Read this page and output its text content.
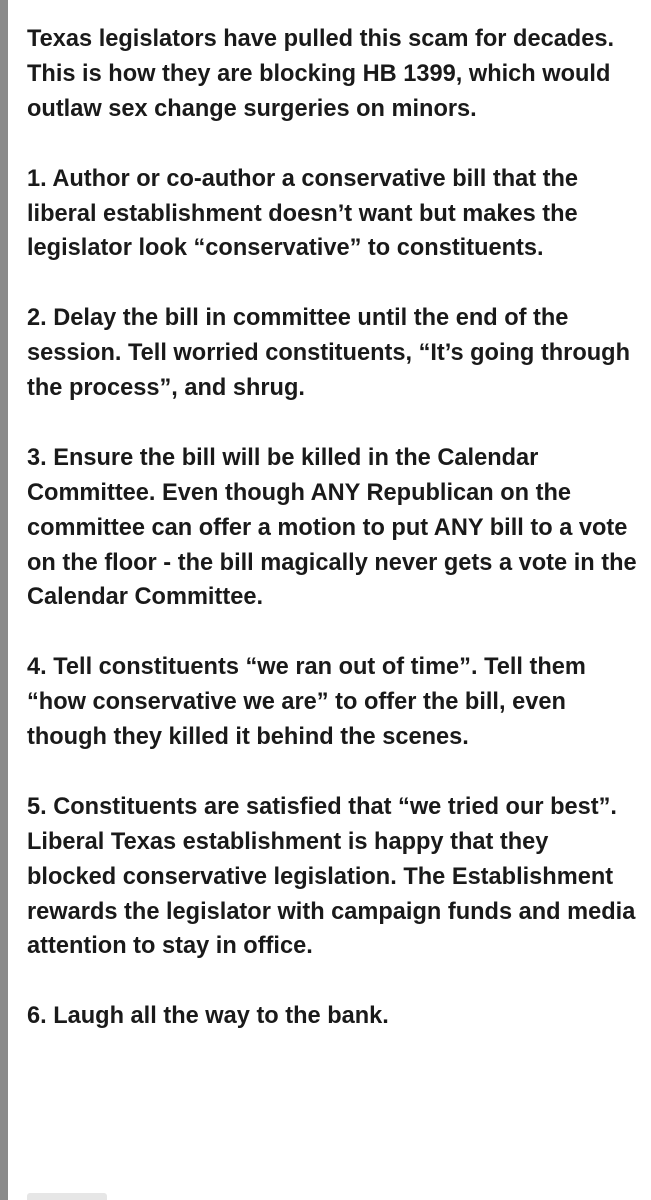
Texas legislators have pulled this scam for decades. This is how they are blocking HB 1399, which would outlaw sex change surgeries on minors.

1. Author or co-author a conservative bill that the liberal establishment doesn’t want but makes the legislator look “conservative” to constituents.

2. Delay the bill in committee until the end of the session. Tell worried constituents, “It’s going through the process”, and shrug.

3. Ensure the bill will be killed in the Calendar Committee. Even though ANY Republican on the committee can offer a motion to put ANY bill to a vote on the floor - the bill magically never gets a vote in the Calendar Committee.

4. Tell constituents “we ran out of time”. Tell them “how conservative we are” to offer the bill, even though they killed it behind the scenes.

5. Constituents are satisfied that “we tried our best”. Liberal Texas establishment is happy that they blocked conservative legislation. The Establishment rewards the legislator with campaign funds and media attention to stay in office.

6. Laugh all the way to the bank.
